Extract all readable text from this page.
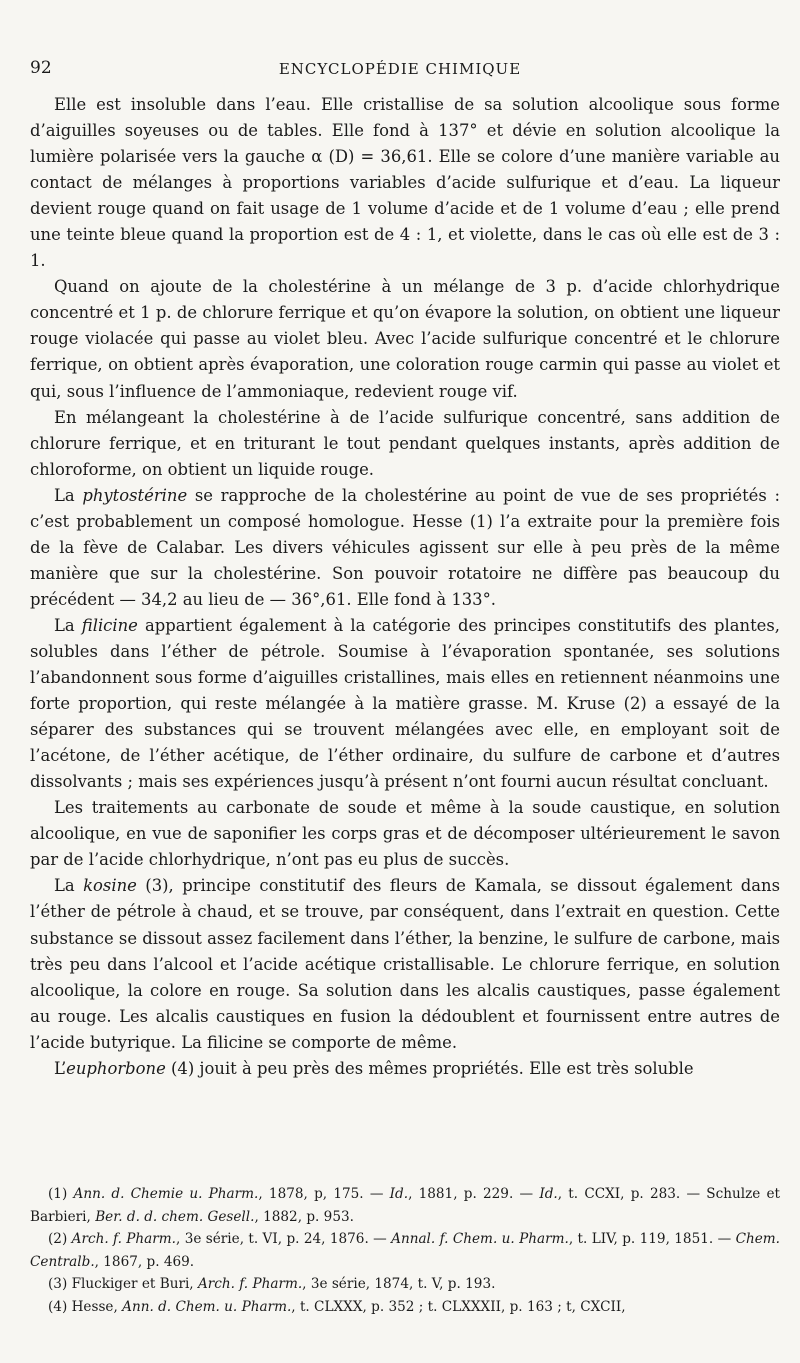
92	ENCYCLOPÉDIE CHIMIQUE

Elle est insoluble dans l’eau. Elle cristallise de sa solution alcoolique sous forme d’aiguilles soyeuses ou de tables. Elle fond à 137° et dévie en solution alcoolique la lumière polarisée vers la gauche α (D) = 36,61. Elle se colore d’une manière variable au contact de mélanges à proportions variables d’acide sulfurique et d’eau. La liqueur devient rouge quand on fait usage de 1 volume d’acide et de 1 volume d’eau ; elle prend une teinte bleue quand la proportion est de 4 : 1, et violette, dans le cas où elle est de 3 : 1.

Quand on ajoute de la cholestérine à un mélange de 3 p. d’acide chlorhydrique concentré et 1 p. de chlorure ferrique et qu’on évapore la solution, on obtient une liqueur rouge violacée qui passe au violet bleu. Avec l’acide sulfurique concentré et le chlorure ferrique, on obtient après évaporation, une coloration rouge carmin qui passe au violet et qui, sous l’influence de l’ammoniaque, redevient rouge vif.

En mélangeant la cholestérine à de l’acide sulfurique concentré, sans addition de chlorure ferrique, et en triturant le tout pendant quelques instants, après addition de chloroforme, on obtient un liquide rouge.

La phytostérine se rapproche de la cholestérine au point de vue de ses propriétés : c’est probablement un composé homologue. Hesse (1) l’a extraite pour la première fois de la fève de Calabar. Les divers véhicules agissent sur elle à peu près de la même manière que sur la cholestérine. Son pouvoir rotatoire ne diffère pas beaucoup du précédent — 34,2 au lieu de — 36°,61. Elle fond à 133°.

La filicine appartient également à la catégorie des principes constitutifs des plantes, solubles dans l’éther de pétrole. Soumise à l’évaporation spontanée, ses solutions l’abandonnent sous forme d’aiguilles cristallines, mais elles en retiennent néanmoins une forte proportion, qui reste mélangée à la matière grasse. M. Kruse (2) a essayé de la séparer des substances qui se trouvent mélangées avec elle, en employant soit de l’acétone, de l’éther acétique, de l’éther ordinaire, du sulfure de carbone et d’autres dissolvants ; mais ses expériences jusqu’à présent n’ont fourni aucun résultat concluant.

Les traitements au carbonate de soude et même à la soude caustique, en solution alcoolique, en vue de saponifier les corps gras et de décomposer ultérieurement le savon par de l’acide chlorhydrique, n’ont pas eu plus de succès.

La kosine (3), principe constitutif des fleurs de Kamala, se dissout également dans l’éther de pétrole à chaud, et se trouve, par conséquent, dans l’extrait en question. Cette substance se dissout assez facilement dans l’éther, la benzine, le sulfure de carbone, mais très peu dans l’alcool et l’acide acétique cristallisable. Le chlorure ferrique, en solution alcoolique, la colore en rouge. Sa solution dans les alcalis caustiques, passe également au rouge. Les alcalis caustiques en fusion la dédoublent et fournissent entre autres de l’acide butyrique. La filicine se comporte de même.

L’euphorbone (4) jouit à peu près des mêmes propriétés. Elle est très soluble

(1) Ann. d. Chemie u. Pharm., 1878, p, 175. — Id., 1881, p. 229. — Id., t. CCXI, p. 283. — Schulze et Barbieri, Ber. d. d. chem. Gesell., 1882, p. 953.

(2) Arch. f. Pharm., 3e série, t. VI, p. 24, 1876. — Annal. f. Chem. u. Pharm., t. LIV, p. 119, 1851. — Chem. Centralb., 1867, p. 469.

(3) Fluckiger et Buri, Arch. f. Pharm., 3e série, 1874, t. V, p. 193.

(4) Hesse, Ann. d. Chem. u. Pharm., t. CLXXX, p. 352 ; t. CLXXXII, p. 163 ; t, CXCII,
